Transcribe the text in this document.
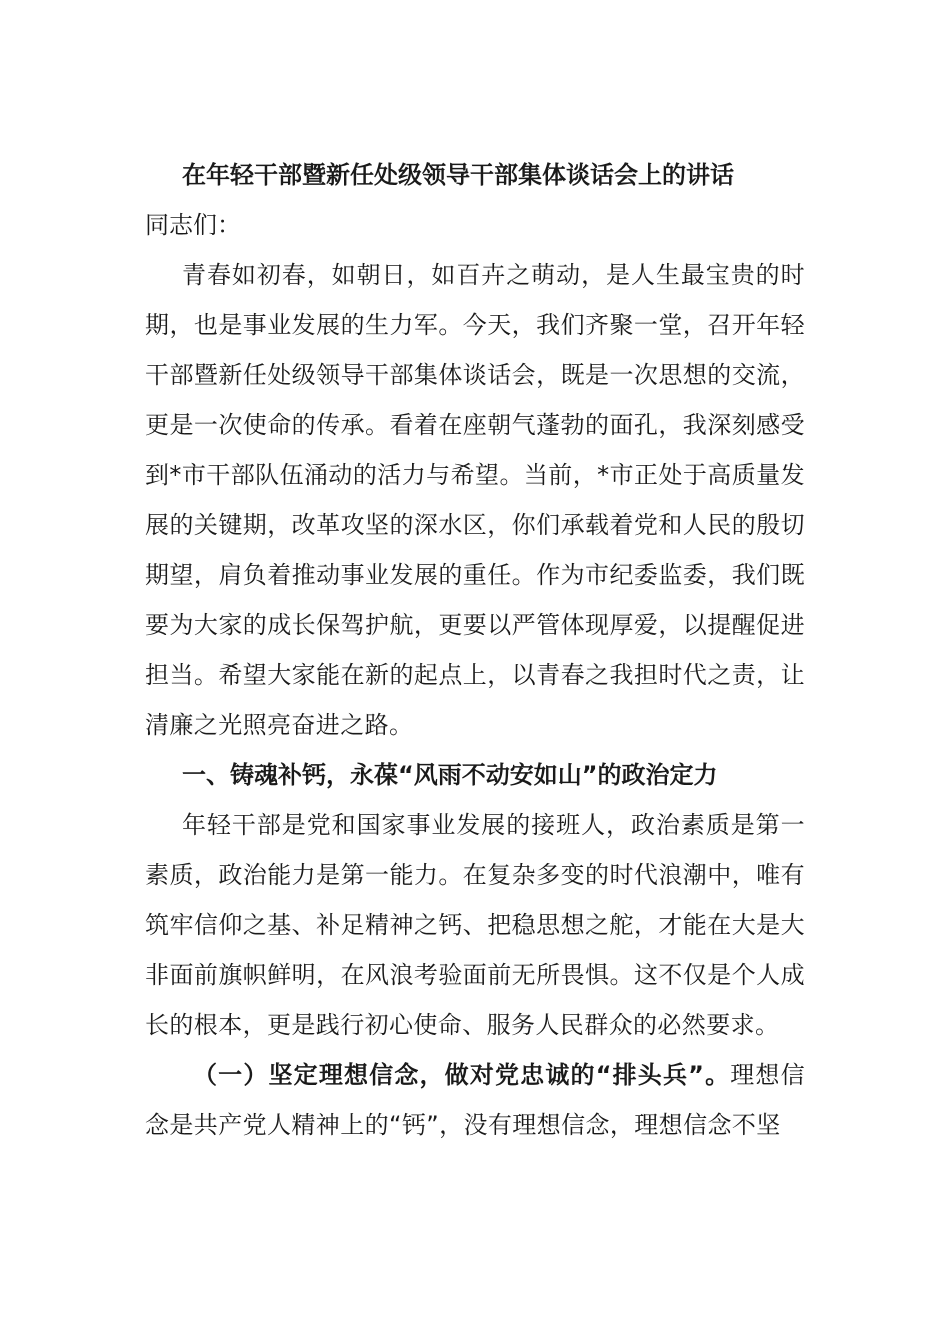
在年轻干部暨新任处级领导干部集体谈话会上的讲话

同志们：

青春如初春，如朝日，如百卉之萌动，是人生最宝贵的时期，也是事业发展的生力军。今天，我们齐聚一堂，召开年轻干部暨新任处级领导干部集体谈话会，既是一次思想的交流，更是一次使命的传承。看着在座朝气蓬勃的面孔，我深刻感受到*市干部队伍涌动的活力与希望。当前，*市正处于高质量发展的关键期，改革攻坚的深水区，你们承载着党和人民的殷切期望，肩负着推动事业发展的重任。作为市纪委监委，我们既要为大家的成长保驾护航，更要以严管体现厚爱，以提醒促进担当。希望大家能在新的起点上，以青春之我担时代之责，让清廉之光照亮奋进之路。

一、铸魂补钙，永葆“风雨不动安如山”的政治定力

年轻干部是党和国家事业发展的接班人，政治素质是第一素质，政治能力是第一能力。在复杂多变的时代浪潮中，唯有筑牢信仰之基、补足精神之钙、把稳思想之舵，才能在大是大非面前旗帜鲜明，在风浪考验面前无所畏惧。这不仅是个人成长的根本，更是践行初心使命、服务人民群众的必然要求。

（一）坚定理想信念，做对党忠诚的“排头兵”。理想信念是共产党人精神上的“钙”，没有理想信念，理想信念不坚
